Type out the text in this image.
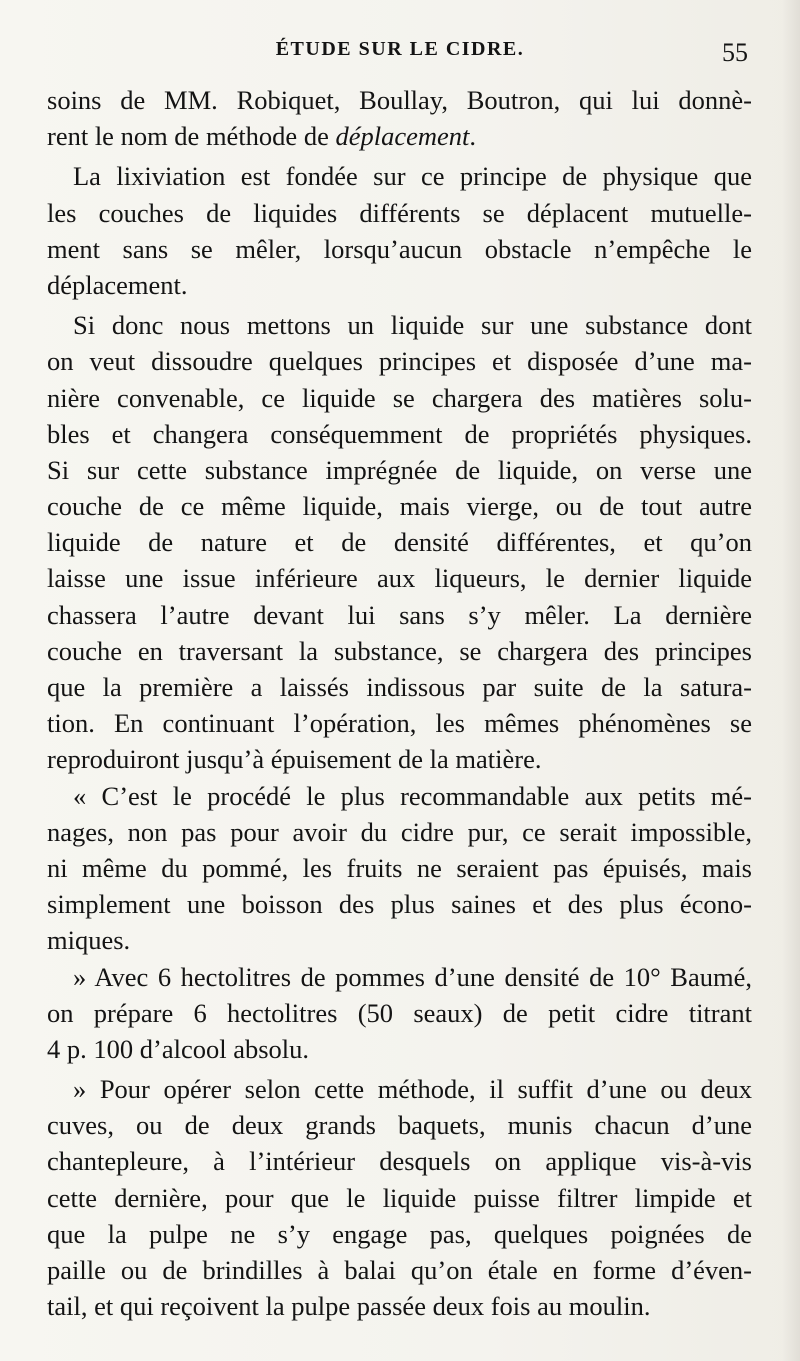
ÉTUDE SUR LE CIDRE.	55
soins de MM. Robiquet, Boullay, Boutron, qui lui donnè-
rent le nom de méthode de déplacement.
La lixiviation est fondée sur ce principe de physique que
les couches de liquides différents se déplacent mutuelle-
ment sans se mêler, lorsqu’aucun obstacle n’empêche le
déplacement.
Si donc nous mettons un liquide sur une substance dont
on veut dissoudre quelques principes et disposée d’une ma-
nière convenable, ce liquide se chargera des matières solu-
bles et changera conséquemment de propriétés physiques.
Si sur cette substance imprégnée de liquide, on verse une
couche de ce même liquide, mais vierge, ou de tout autre
liquide de nature et de densité différentes, et qu’on
laisse une issue inférieure aux liqueurs, le dernier liquide
chassera l’autre devant lui sans s’y mêler. La dernière
couche en traversant la substance, se chargera des principes
que la première a laissés indissous par suite de la satura-
tion. En continuant l’opération, les mêmes phénomènes se
reproduiront jusqu’à épuisement de la matière.
« C’est le procédé le plus recommandable aux petits mé-
nages, non pas pour avoir du cidre pur, ce serait impossible,
ni même du pommé, les fruits ne seraient pas épuisés, mais
simplement une boisson des plus saines et des plus écono-
miques.
» Avec 6 hectolitres de pommes d’une densité de 10° Baumé,
on prépare 6 hectolitres (50 seaux) de petit cidre titrant
4 p. 100 d’alcool absolu.
» Pour opérer selon cette méthode, il suffit d’une ou deux
cuves, ou de deux grands baquets, munis chacun d’une
chantepleure, à l’intérieur desquels on applique vis-à-vis
cette dernière, pour que le liquide puisse filtrer limpide et
que la pulpe ne s’y engage pas, quelques poignées de
paille ou de brindilles à balai qu’on étale en forme d’éven-
tail, et qui reçoivent la pulpe passée deux fois au moulin.
